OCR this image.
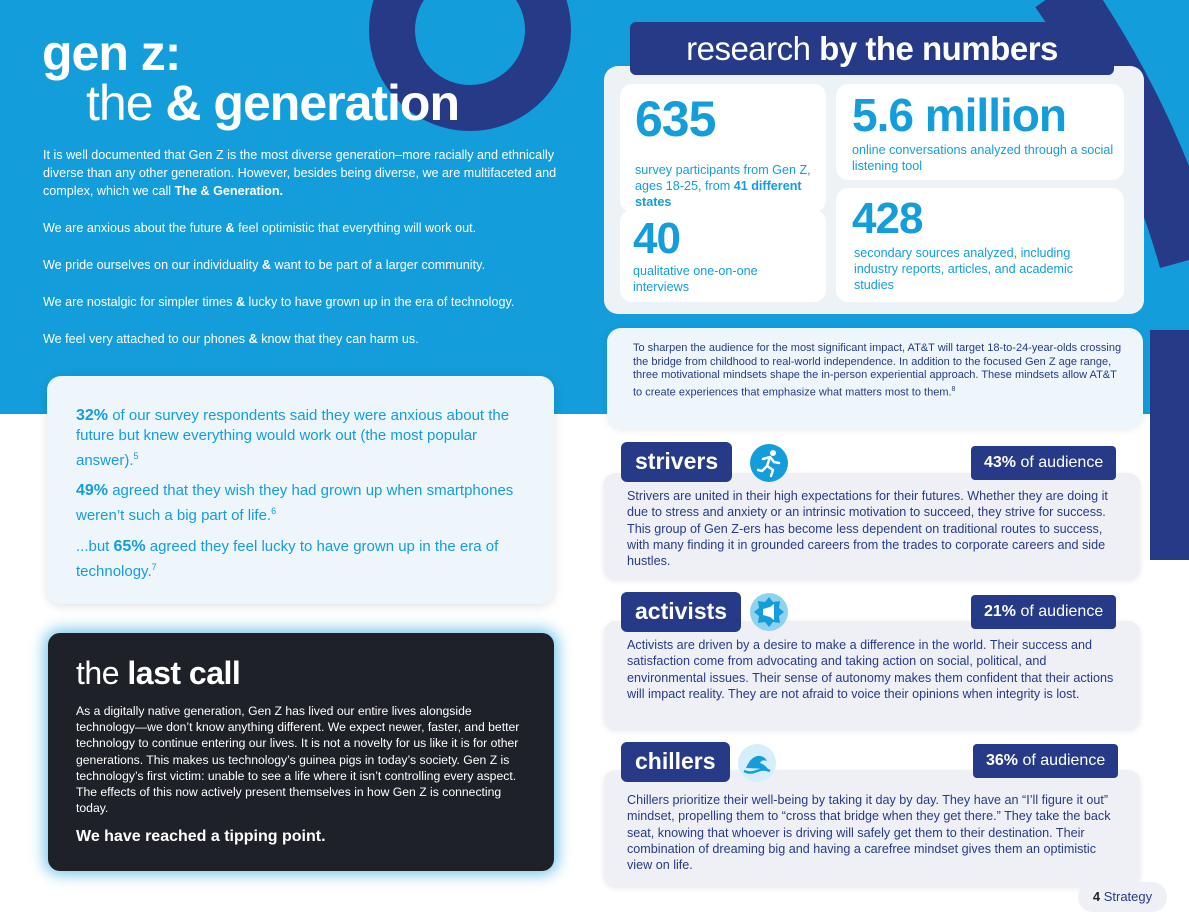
gen z:
the & generation

It is well documented that Gen Z is the most diverse generation–more racially and ethnically diverse than any other generation. However, besides being diverse, we are multifaceted and complex, which we call The & Generation.

We are anxious about the future & feel optimistic that everything will work out.

We pride ourselves on our individuality & want to be part of a larger community.

We are nostalgic for simpler times & lucky to have grown up in the era of technology.

We feel very attached to our phones & know that they can harm us.

32% of our survey respondents said they were anxious about the future but knew everything would work out (the most popular answer).$^5$
49% agreed that they wish they had grown up when smartphones weren’t such a big part of life.$^6$
...but 65% agreed they feel lucky to have grown up in the era of technology.$^7$
the last call
As a digitally native generation, Gen Z has lived our entire lives alongside technology—we don’t know anything different. We expect newer, faster, and better technology to continue entering our lives. It is not a novelty for us like it is for other generations. This makes us technology’s guinea pigs in today’s society. Gen Z is technology’s first victim: unable to see a life where it isn’t controlling every aspect. The effects of this now actively present themselves in how Gen Z is connecting today.
We have reached a tipping point.
635
survey participants from Gen Z, ages 18-25, from 41 different states
5.6 million
online conversations analyzed through a social listening tool
40
qualitative one-on-one interviews
428
secondary sources analyzed, including industry reports, articles, and academic studies
research by the numbers
To sharpen the audience for the most significant impact, AT&T will target 18-to-24-year-olds crossing the bridge from childhood to real-world independence. In addition to the focused Gen Z age range, three motivational mindsets shape the in-person experiential approach. These mindsets allow AT&T to create experiences that emphasize what matters most to them.$^8$
Strivers are united in their high expectations for their futures. Whether they are doing it due to stress and anxiety or an intrinsic motivation to succeed, they strive for success. This group of Gen Z-ers has become less dependent on traditional routes to success, with many finding it in grounded careers from the trades to corporate careers and side hustles.
strivers	43% of audience
Activists are driven by a desire to make a difference in the world. Their success and satisfaction come from advocating and taking action on social, political, and environmental issues. Their sense of autonomy makes them confident that their actions will impact reality. They are not afraid to voice their opinions when integrity is lost.
activists	21% of audience
Chillers prioritize their well-being by taking it day by day. They have an “I’ll figure it out” mindset, propelling them to “cross that bridge when they get there.” They take the back seat, knowing that whoever is driving will safely get them to their destination. Their combination of dreaming big and having a carefree mindset gives them an optimistic view on life.
chillers	36% of audience
4 Strategy
